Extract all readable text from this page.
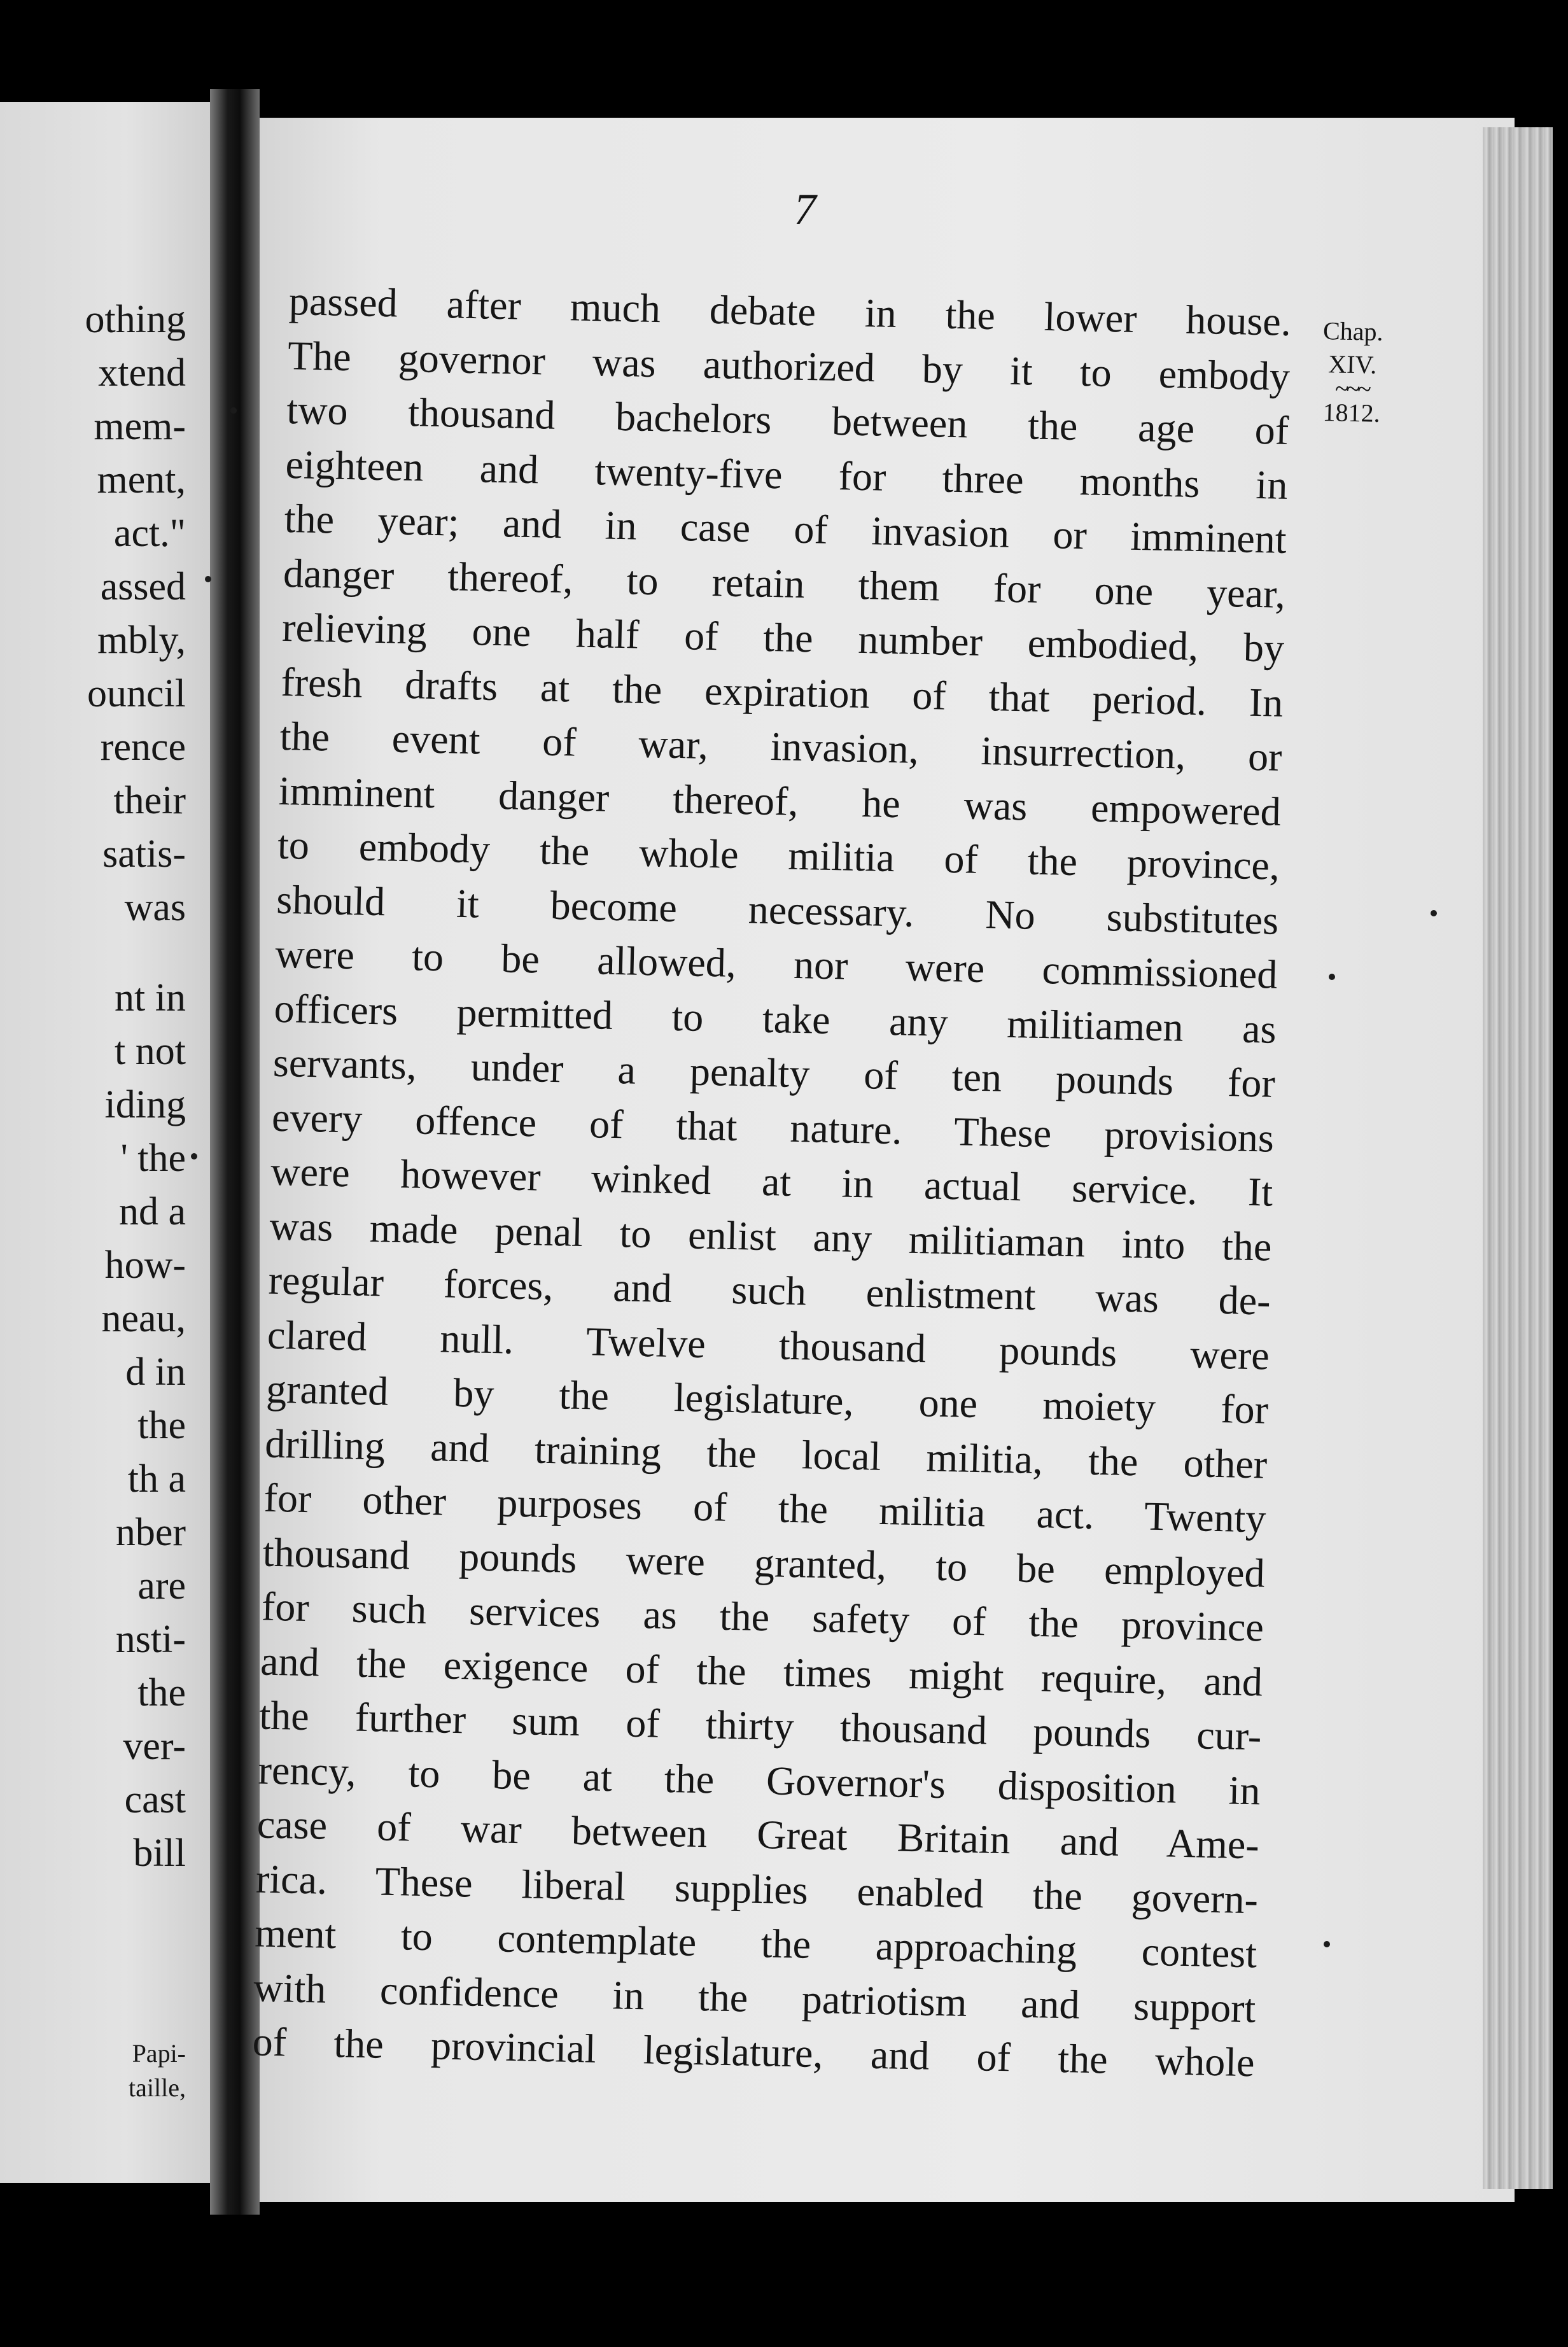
othing
xtend
mem-
ment,
act."
assed
mbly,
ouncil
rence
their
satis-
was
nt in
t not
iding
' the
nd a
how-
neau,
d in
the
th a
nber
are
nsti-
the
ver-
cast
bill
Papi-
taille,
7
passed after much debate in the lower house.
The governor was authorized by it to embody
two thousand bachelors between the age of
eighteen and twenty-five for three months in
the year; and in case of invasion or imminent
danger thereof, to retain them for one year,
relieving one half of the number embodied, by
fresh drafts at the expiration of that period. In
the event of war, invasion, insurrection, or
imminent danger thereof, he was empowered
to embody the whole militia of the province,
should it become necessary. No substitutes
were to be allowed, nor were commissioned
officers permitted to take any militiamen as
servants, under a penalty of ten pounds for
every offence of that nature. These provisions
were however winked at in actual service. It
was made penal to enlist any militiaman into the
regular forces, and such enlistment was de-
clared null. Twelve thousand pounds were
granted by the legislature, one moiety for
drilling and training the local militia, the other
for other purposes of the militia act. Twenty
thousand pounds were granted, to be employed
for such services as the safety of the province
and the exigence of the times might require, and
the further sum of thirty thousand pounds cur-
rency, to be at the Governor's disposition in
case of war between Great Britain and Ame-
rica. These liberal supplies enabled the govern-
ment to contemplate the approaching contest
with confidence in the patriotism and support
of the provincial legislature, and of the whole
Chap.
XIV.
~~~
1812.
